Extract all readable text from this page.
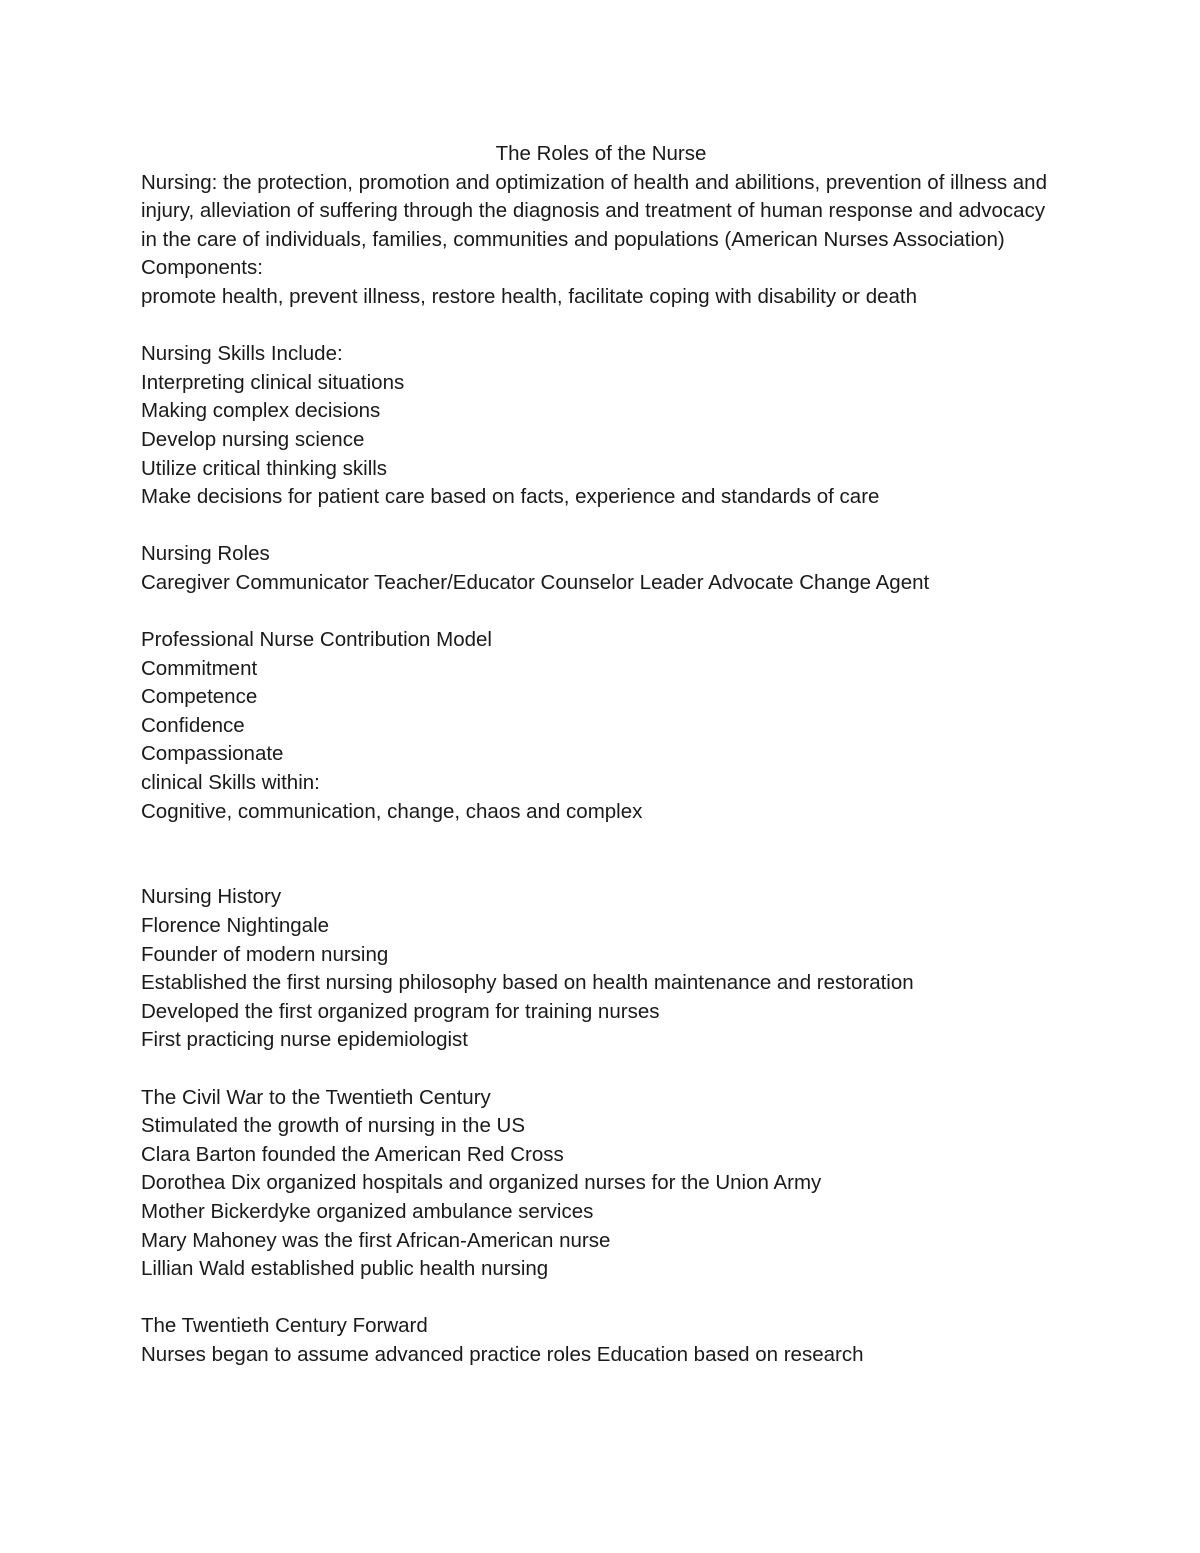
The Roles of the Nurse

Nursing: the protection, promotion and optimization of health and abilitions, prevention of illness and injury, alleviation of suffering through the diagnosis and treatment of human response and advocacy in the care of individuals, families, communities and populations (American Nurses Association)

Components:

promote health, prevent illness, restore health, facilitate coping with disability or death

Nursing Skills Include:

Interpreting clinical situations

Making complex decisions

Develop nursing science

Utilize critical thinking skills

Make decisions for patient care based on facts, experience and standards of care

Nursing Roles

Caregiver Communicator Teacher/Educator Counselor Leader Advocate Change Agent

Professional Nurse Contribution Model

Commitment

Competence

Confidence

Compassionate

clinical Skills within:

Cognitive, communication, change, chaos and complex

Nursing History

Florence Nightingale

Founder of modern nursing

Established the first nursing philosophy based on health maintenance and restoration

Developed the first organized program for training nurses

First practicing nurse epidemiologist

The Civil War to the Twentieth Century

Stimulated the growth of nursing in the US

Clara Barton founded the American Red Cross

Dorothea Dix organized hospitals and organized nurses for the Union Army

Mother Bickerdyke organized ambulance services

Mary Mahoney was the first African-American nurse

Lillian Wald established public health nursing

The Twentieth Century Forward

Nurses began to assume advanced practice roles Education based on research
